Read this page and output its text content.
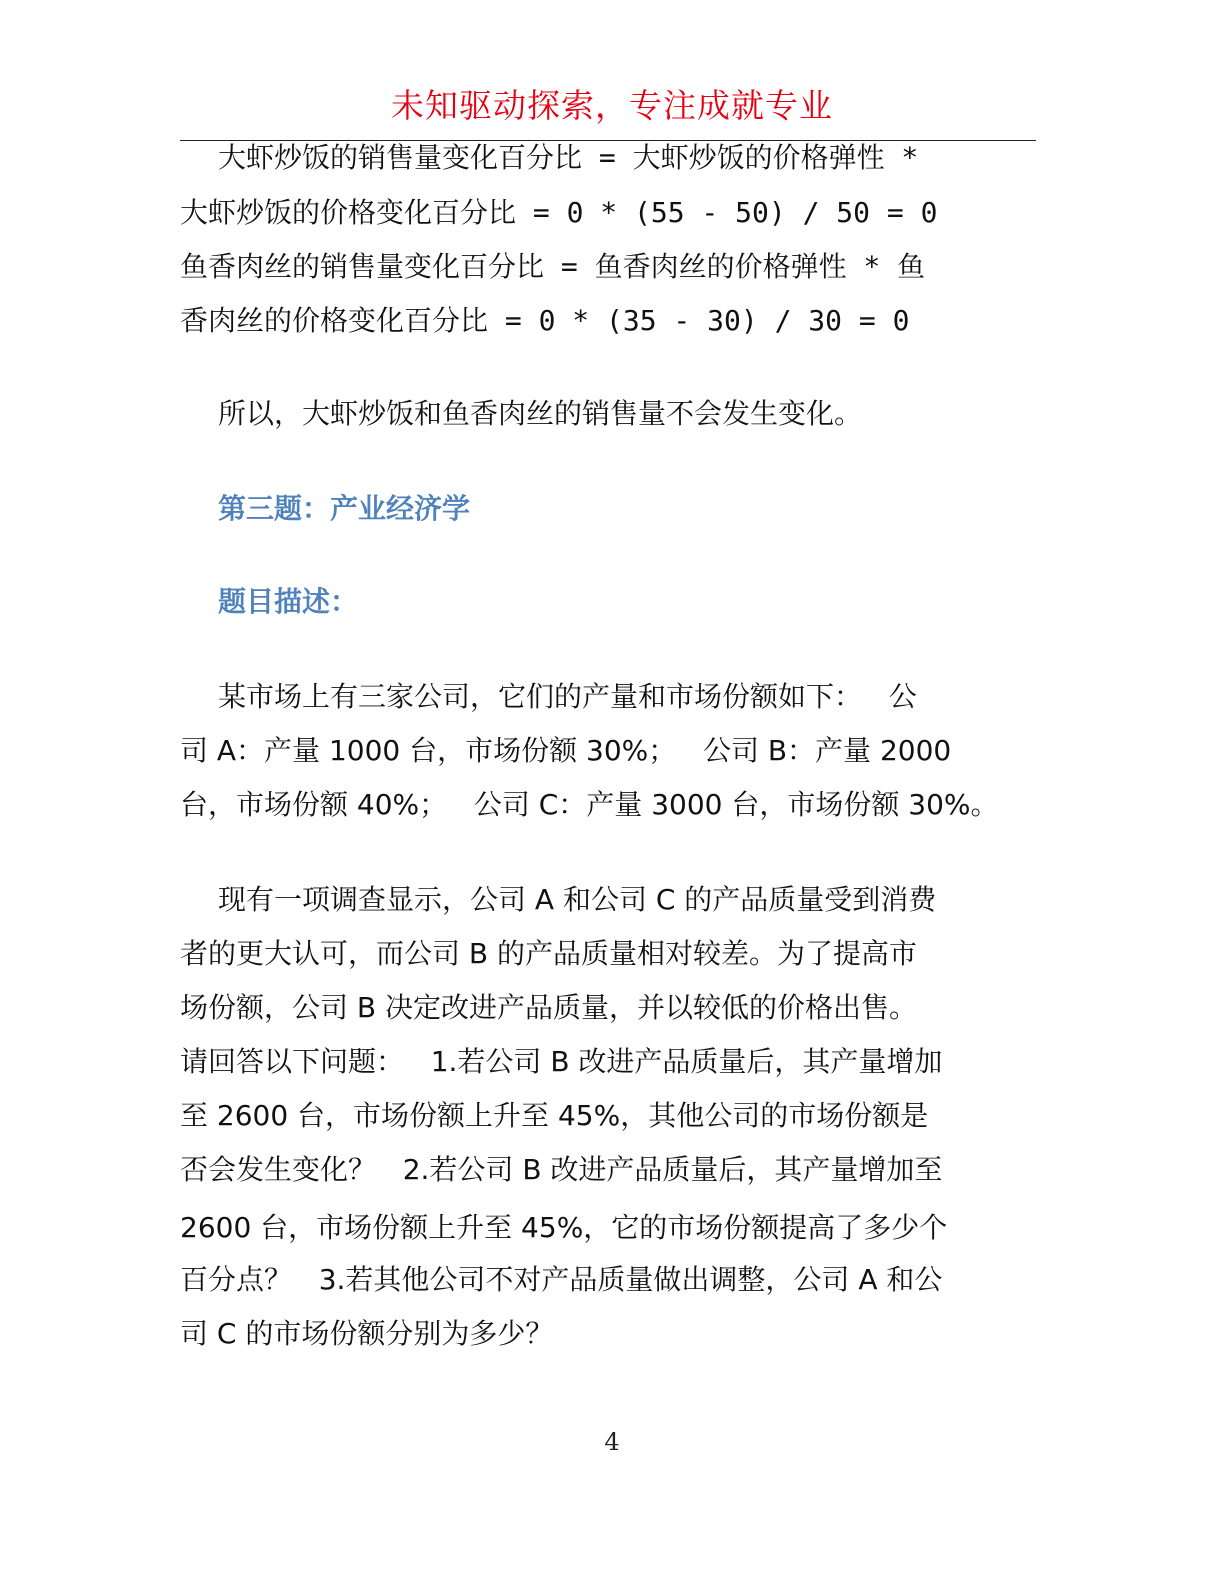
未知驱动探索，专注成就专业
大虾炒饭的销售量变化百分比 = 大虾炒饭的价格弹性 *
大虾炒饭的价格变化百分比 = 0 * (55 - 50) / 50 = 0
鱼香肉丝的销售量变化百分比 = 鱼香肉丝的价格弹性 * 鱼
香肉丝的价格变化百分比 = 0 * (35 - 30) / 30 = 0
所以，大虾炒饭和鱼香肉丝的销售量不会发生变化。
第三题：产业经济学
题目描述：
某市场上有三家公司，它们的产量和市场份额如下：   公
司 A：产量 1000 台，市场份额 30%；   公司 B：产量 2000
台，市场份额 40%；   公司 C：产量 3000 台，市场份额 30%。
现有一项调查显示，公司 A 和公司 C 的产品质量受到消费
者的更大认可，而公司 B 的产品质量相对较差。为了提高市
场份额，公司 B 决定改进产品质量，并以较低的价格出售。
请回答以下问题：   1.若公司 B 改进产品质量后，其产量增加
至 2600 台，市场份额上升至 45%，其他公司的市场份额是
否会发生变化？   2.若公司 B 改进产品质量后，其产量增加至
2600 台，市场份额上升至 45%，它的市场份额提高了多少个
百分点？   3.若其他公司不对产品质量做出调整，公司 A 和公
司 C 的市场份额分别为多少？
4
